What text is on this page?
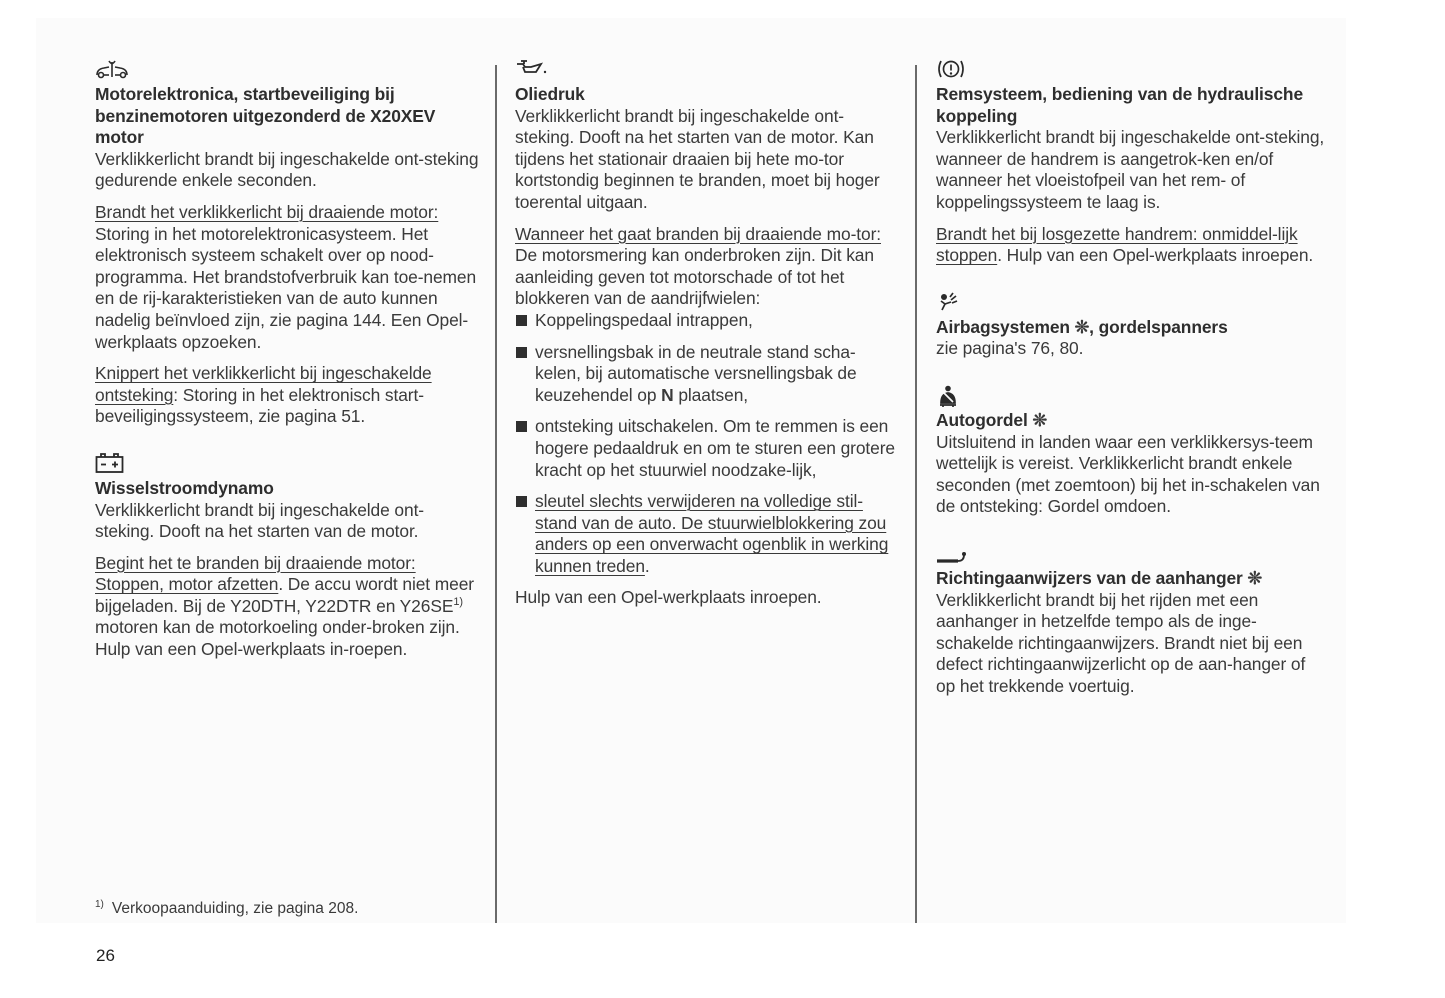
Motorelektronica, startbeveiliging bij benzinemotoren uitgezonderd de X20XEV motor

Verklikkerlicht brandt bij ingeschakelde ont-steking gedurende enkele seconden.

Brandt het verklikkerlicht bij draaiende motor: Storing in het motorelektronicasysteem. Het elektronisch systeem schakelt over op nood-programma. Het brandstofverbruik kan toe-nemen en de rij-karakteristieken van de auto kunnen nadelig beïnvloed zijn, zie pagina 144. Een Opel-werkplaats opzoeken.

Knippert het verklikkerlicht bij ingeschakelde ontsteking: Storing in het elektronisch start-beveiligingssysteem, zie pagina 51.

Wisselstroomdynamo

Verklikkerlicht brandt bij ingeschakelde ont-steking. Dooft na het starten van de motor.

Begint het te branden bij draaiende motor: Stoppen, motor afzetten. De accu wordt niet meer bijgeladen. Bij de Y20DTH, Y22DTR en Y26SE$^{1)}$ motoren kan de motorkoeling onder-broken zijn. Hulp van een Opel-werkplaats in-roepen.

Oliedruk

Verklikkerlicht brandt bij ingeschakelde ont-steking. Dooft na het starten van de motor. Kan tijdens het stationair draaien bij hete mo-tor kortstondig beginnen te branden, moet bij hoger toerental uitgaan.

Wanneer het gaat branden bij draaiende mo-tor: De motorsmering kan onderbroken zijn. Dit kan aanleiding geven tot motorschade of tot het blokkeren van de aandrijfwielen:

Koppelingspedaal intrappen,
versnellingsbak in de neutrale stand scha-kelen, bij automatische versnellingsbak de keuzehendel op N plaatsen,
ontsteking uitschakelen. Om te remmen is een hogere pedaaldruk en om te sturen een grotere kracht op het stuurwiel noodzake-lijk,
sleutel slechts verwijderen na volledige stil-stand van de auto. De stuurwielblokkering zou anders op een onverwacht ogenblik in werking kunnen treden.

Hulp van een Opel-werkplaats inroepen.

Remsysteem, bediening van de hydraulische koppeling

Verklikkerlicht brandt bij ingeschakelde ont-steking, wanneer de handrem is aangetrok-ken en/of wanneer het vloeistofpeil van het rem- of koppelingssysteem te laag is.

Brandt het bij losgezette handrem: onmiddel-lijk stoppen. Hulp van een Opel-werkplaats inroepen.

Airbagsystemen ❊, gordelspanners

zie pagina's 76, 80.

Autogordel ❊

Uitsluitend in landen waar een verklikkersys-teem wettelijk is vereist. Verklikkerlicht brandt enkele seconden (met zoemtoon) bij het in-schakelen van de ontsteking: Gordel omdoen.

Richtingaanwijzers van de aanhanger ❊

Verklikkerlicht brandt bij het rijden met een aanhanger in hetzelfde tempo als de inge-schakelde richtingaanwijzers. Brandt niet bij een defect richtingaanwijzerlicht op de aan-hanger of op het trekkende voertuig.

$^{1)}$ Verkoopaanduiding, zie pagina 208.
26
